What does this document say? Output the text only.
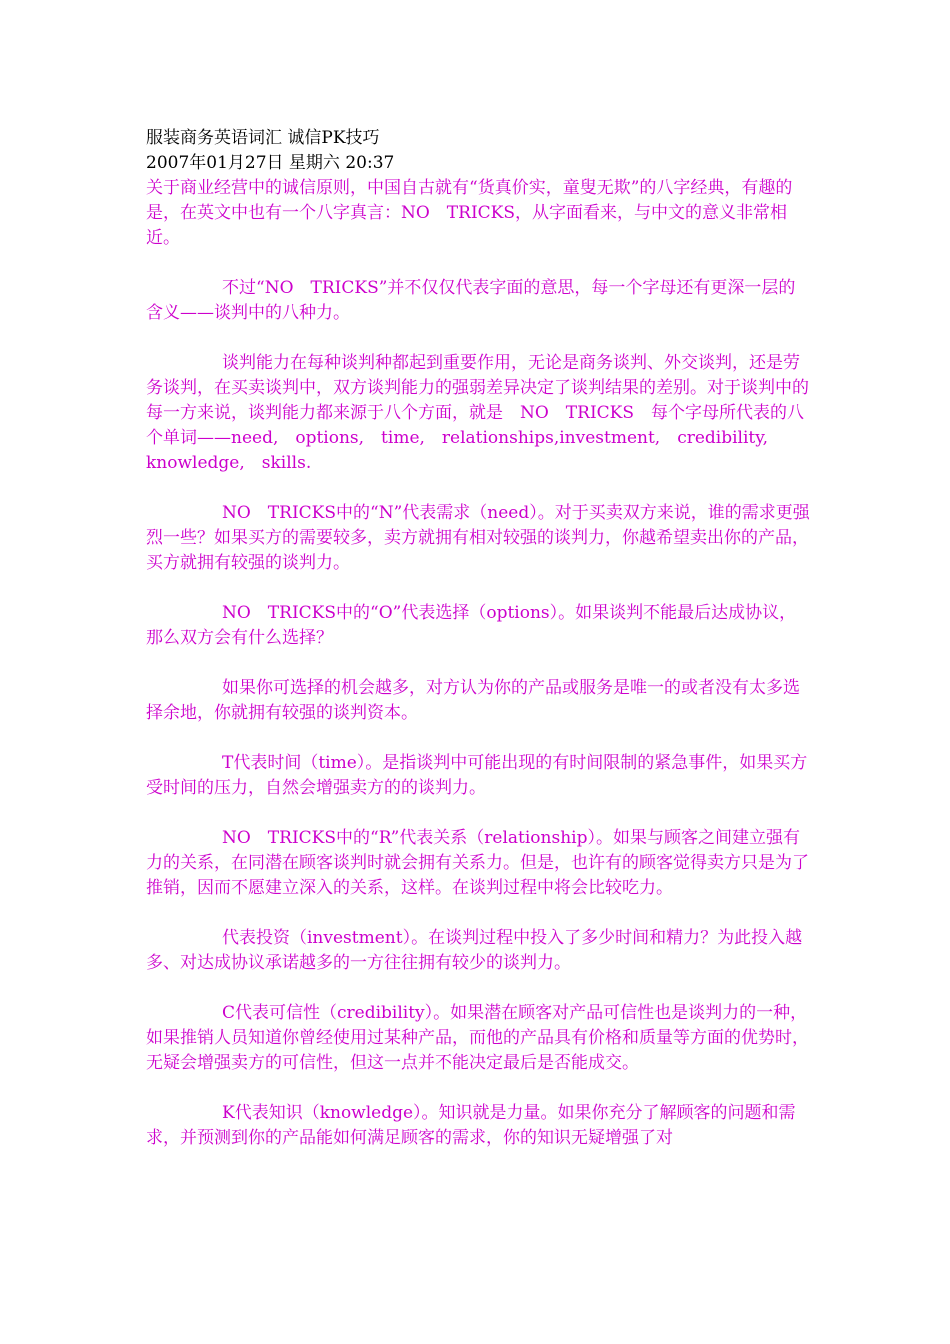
服装商务英语词汇 诚信PK技巧
2007年01月27日 星期六 20:37

关于商业经营中的诚信原则，中国自古就有“货真价实，童叟无欺”的八字经典，有趣的是，在英文中也有一个八字真言：NO　TRICKS，从字面看来，与中文的意义非常相近。

不过“NO　TRICKS”并不仅仅代表字面的意思，每一个字母还有更深一层的含义——谈判中的八种力。

谈判能力在每种谈判种都起到重要作用，无论是商务谈判、外交谈判，还是劳务谈判，在买卖谈判中，双方谈判能力的强弱差异决定了谈判结果的差别。对于谈判中的每一方来说，谈判能力都来源于八个方面，就是　NO　TRICKS　每个字母所代表的八个单词——need,　options,　time,　relationships,investment,　credibility,　knowledge,　skills.

NO　TRICKS中的“N”代表需求（need）。对于买卖双方来说，谁的需求更强烈一些？如果买方的需要较多，卖方就拥有相对较强的谈判力，你越希望卖出你的产品，买方就拥有较强的谈判力。

NO　TRICKS中的“O”代表选择（options）。如果谈判不能最后达成协议，那么双方会有什么选择？

如果你可选择的机会越多，对方认为你的产品或服务是唯一的或者没有太多选择余地，你就拥有较强的谈判资本。

T代表时间（time）。是指谈判中可能出现的有时间限制的紧急事件，如果买方受时间的压力，自然会增强卖方的的谈判力。

NO　TRICKS中的“R”代表关系（relationship）。如果与顾客之间建立强有力的关系，在同潜在顾客谈判时就会拥有关系力。但是，也许有的顾客觉得卖方只是为了推销，因而不愿建立深入的关系，这样。在谈判过程中将会比较吃力。

代表投资（investment）。在谈判过程中投入了多少时间和精力？为此投入越多、对达成协议承诺越多的一方往往拥有较少的谈判力。

C代表可信性（credibility）。如果潜在顾客对产品可信性也是谈判力的一种，如果推销人员知道你曾经使用过某种产品，而他的产品具有价格和质量等方面的优势时，无疑会增强卖方的可信性，但这一点并不能决定最后是否能成交。

K代表知识（knowledge）。知识就是力量。如果你充分了解顾客的问题和需求，并预测到你的产品能如何满足顾客的需求，你的知识无疑增强了对
